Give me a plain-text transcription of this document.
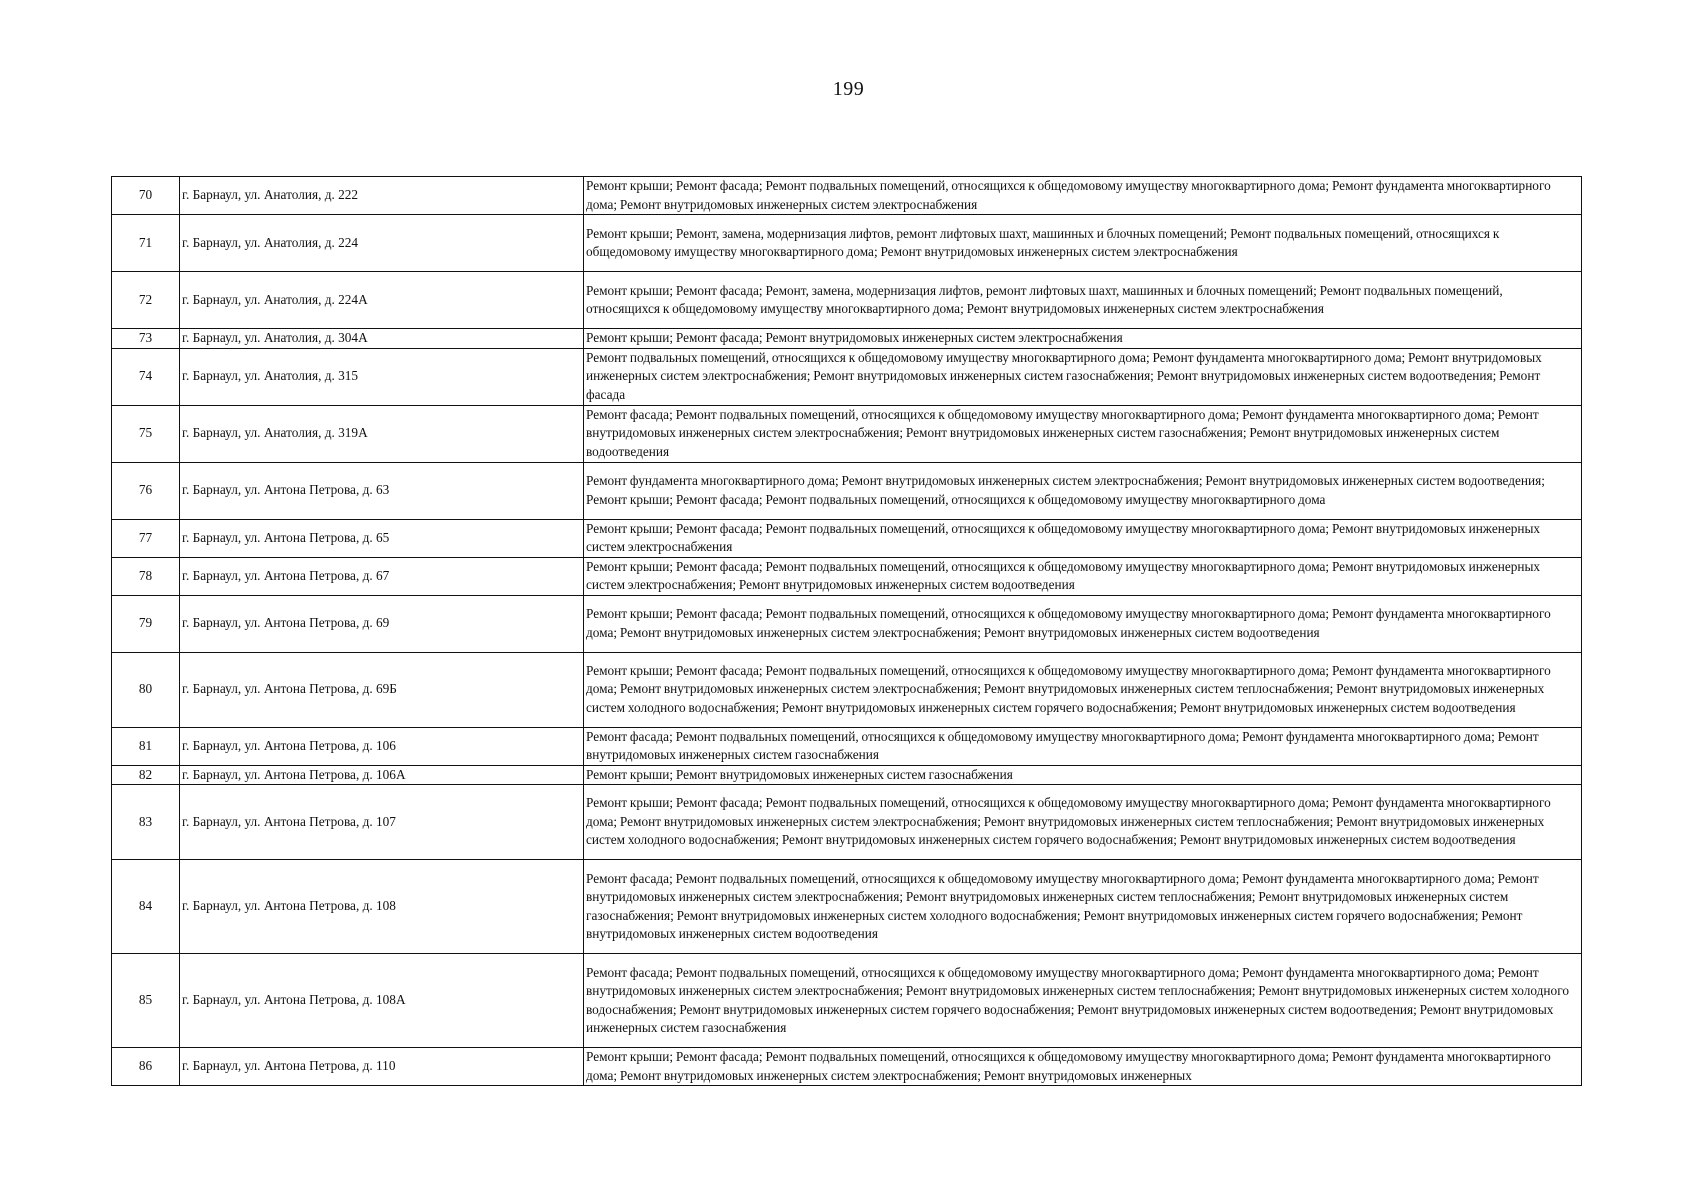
199
70	г. Барнаул, ул. Анатолия, д. 222	Ремонт крыши; Ремонт фасада; Ремонт подвальных помещений, относящихся к общедомовому имуществу многоквартирного дома; Ремонт фундамента многоквартирного дома; Ремонт внутридомовых инженерных систем электроснабжения
71	г. Барнаул, ул. Анатолия, д. 224	Ремонт крыши; Ремонт, замена, модернизация лифтов, ремонт лифтовых шахт, машинных и блочных помещений; Ремонт подвальных помещений, относящихся к общедомовому имуществу многоквартирного дома; Ремонт внутридомовых инженерных систем электроснабжения
72	г. Барнаул, ул. Анатолия, д. 224А	Ремонт крыши; Ремонт фасада; Ремонт, замена, модернизация лифтов, ремонт лифтовых шахт, машинных и блочных помещений; Ремонт подвальных помещений, относящихся к общедомовому имуществу многоквартирного дома; Ремонт внутридомовых инженерных систем электроснабжения
73	г. Барнаул, ул. Анатолия, д. 304А	Ремонт крыши; Ремонт фасада; Ремонт внутридомовых инженерных систем электроснабжения
74	г. Барнаул, ул. Анатолия, д. 315	Ремонт подвальных помещений, относящихся к общедомовому имуществу многоквартирного дома; Ремонт фундамента многоквартирного дома; Ремонт внутридомовых инженерных систем электроснабжения; Ремонт внутридомовых инженерных систем газоснабжения; Ремонт внутридомовых инженерных систем водоотведения; Ремонт фасада
75	г. Барнаул, ул. Анатолия, д. 319А	Ремонт фасада; Ремонт подвальных помещений, относящихся к общедомовому имуществу многоквартирного дома; Ремонт фундамента многоквартирного дома; Ремонт внутридомовых инженерных систем электроснабжения; Ремонт внутридомовых инженерных систем газоснабжения; Ремонт внутридомовых инженерных систем водоотведения
76	г. Барнаул, ул. Антона Петрова, д. 63	Ремонт фундамента многоквартирного дома; Ремонт внутридомовых инженерных систем электроснабжения; Ремонт внутридомовых инженерных систем водоотведения; Ремонт крыши; Ремонт фасада; Ремонт подвальных помещений, относящихся к общедомовому имуществу многоквартирного дома
77	г. Барнаул, ул. Антона Петрова, д. 65	Ремонт крыши; Ремонт фасада; Ремонт подвальных помещений, относящихся к общедомовому имуществу многоквартирного дома; Ремонт внутридомовых инженерных систем электроснабжения
78	г. Барнаул, ул. Антона Петрова, д. 67	Ремонт крыши; Ремонт фасада; Ремонт подвальных помещений, относящихся к общедомовому имуществу многоквартирного дома; Ремонт внутридомовых инженерных систем электроснабжения; Ремонт внутридомовых инженерных систем водоотведения
79	г. Барнаул, ул. Антона Петрова, д. 69	Ремонт крыши; Ремонт фасада; Ремонт подвальных помещений, относящихся к общедомовому имуществу многоквартирного дома; Ремонт фундамента многоквартирного дома; Ремонт внутридомовых инженерных систем электроснабжения; Ремонт внутридомовых инженерных систем водоотведения
80	г. Барнаул, ул. Антона Петрова, д. 69Б	Ремонт крыши; Ремонт фасада; Ремонт подвальных помещений, относящихся к общедомовому имуществу многоквартирного дома; Ремонт фундамента многоквартирного дома; Ремонт внутридомовых инженерных систем электроснабжения; Ремонт внутридомовых инженерных систем теплоснабжения; Ремонт внутридомовых инженерных систем холодного водоснабжения; Ремонт внутридомовых инженерных систем горячего водоснабжения; Ремонт внутридомовых инженерных систем водоотведения
81	г. Барнаул, ул. Антона Петрова, д. 106	Ремонт фасада; Ремонт подвальных помещений, относящихся к общедомовому имуществу многоквартирного дома; Ремонт фундамента многоквартирного дома; Ремонт внутридомовых инженерных систем газоснабжения
82	г. Барнаул, ул. Антона Петрова, д. 106А	Ремонт крыши; Ремонт внутридомовых инженерных систем газоснабжения
83	г. Барнаул, ул. Антона Петрова, д. 107	Ремонт крыши; Ремонт фасада; Ремонт подвальных помещений, относящихся к общедомовому имуществу многоквартирного дома; Ремонт фундамента многоквартирного дома; Ремонт внутридомовых инженерных систем электроснабжения; Ремонт внутридомовых инженерных систем теплоснабжения; Ремонт внутридомовых инженерных систем холодного водоснабжения; Ремонт внутридомовых инженерных систем горячего водоснабжения; Ремонт внутридомовых инженерных систем водоотведения
84	г. Барнаул, ул. Антона Петрова, д. 108	Ремонт фасада; Ремонт подвальных помещений, относящихся к общедомовому имуществу многоквартирного дома; Ремонт фундамента многоквартирного дома; Ремонт внутридомовых инженерных систем электроснабжения; Ремонт внутридомовых инженерных систем теплоснабжения; Ремонт внутридомовых инженерных систем газоснабжения; Ремонт внутридомовых инженерных систем холодного водоснабжения; Ремонт внутридомовых инженерных систем горячего водоснабжения; Ремонт внутридомовых инженерных систем водоотведения
85	г. Барнаул, ул. Антона Петрова, д. 108А	Ремонт фасада; Ремонт подвальных помещений, относящихся к общедомовому имуществу многоквартирного дома; Ремонт фундамента многоквартирного дома; Ремонт внутридомовых инженерных систем электроснабжения; Ремонт внутридомовых инженерных систем теплоснабжения; Ремонт внутридомовых инженерных систем холодного водоснабжения; Ремонт внутридомовых инженерных систем горячего водоснабжения; Ремонт внутридомовых инженерных систем водоотведения; Ремонт внутридомовых инженерных систем газоснабжения
86	г. Барнаул, ул. Антона Петрова, д. 110	Ремонт крыши; Ремонт фасада; Ремонт подвальных помещений, относящихся к общедомовому имуществу многоквартирного дома; Ремонт фундамента многоквартирного дома; Ремонт внутридомовых инженерных систем электроснабжения; Ремонт внутридомовых инженерных
